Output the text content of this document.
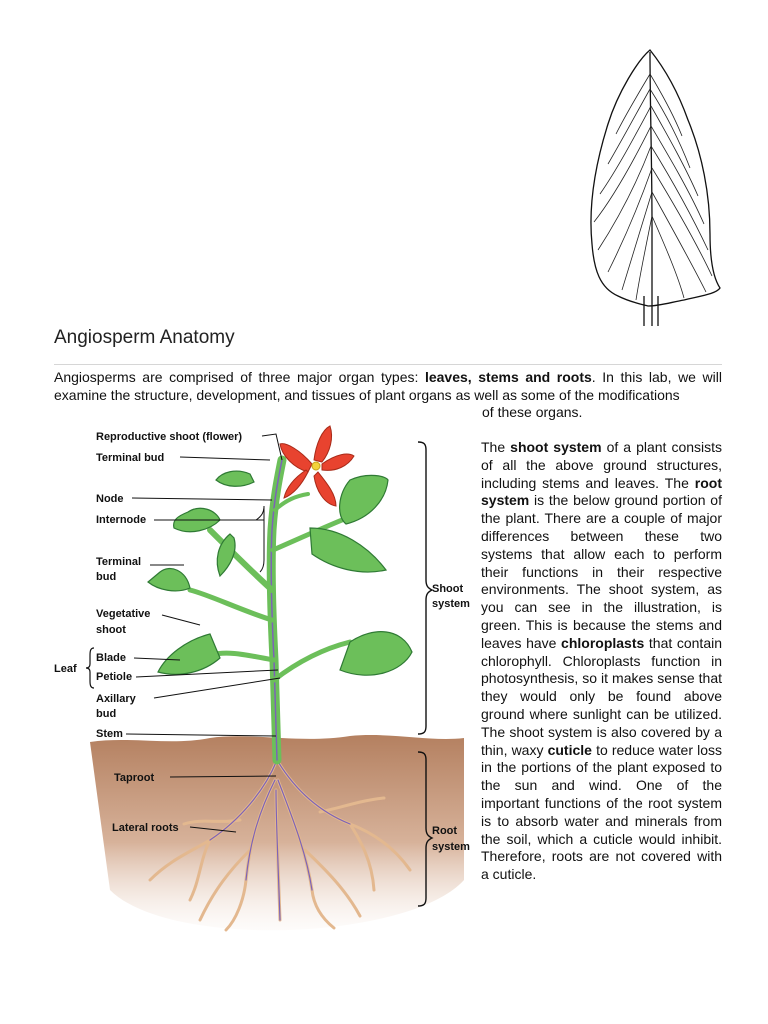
Angiosperm Anatomy
Angiosperms are comprised of three major organ types: leaves, stems and roots. In this lab, we will examine the structure, development, and tissues of plant organs as well as some of the modifications
of these organs.
The shoot system of a plant consists of all the above ground structures, including stems and leaves. The root system is the below ground portion of the plant. There are a couple of major differences between these two systems that allow each to perform their functions in their respective environments. The shoot system, as you can see in the illustration, is green. This is because the stems and leaves have chloroplasts that contain chlorophyll. Chloroplasts function in photosynthesis, so it makes sense that they would only be found above ground where sunlight can be utilized. The shoot system is also covered by a thin, waxy cuticle to reduce water loss in the portions of the plant exposed to the sun and wind. One of the important functions of the root system is to absorb water and minerals from the soil, which a cuticle would inhibit. Therefore, roots are not covered with a cuticle.
Reproductive shoot (flower)
Terminal bud
Node
Internode
Terminal
bud
Vegetative
shoot
Leaf
Blade
Petiole
Axillary
bud
Stem
Taproot
Lateral roots
Shoot
system
Root
system
